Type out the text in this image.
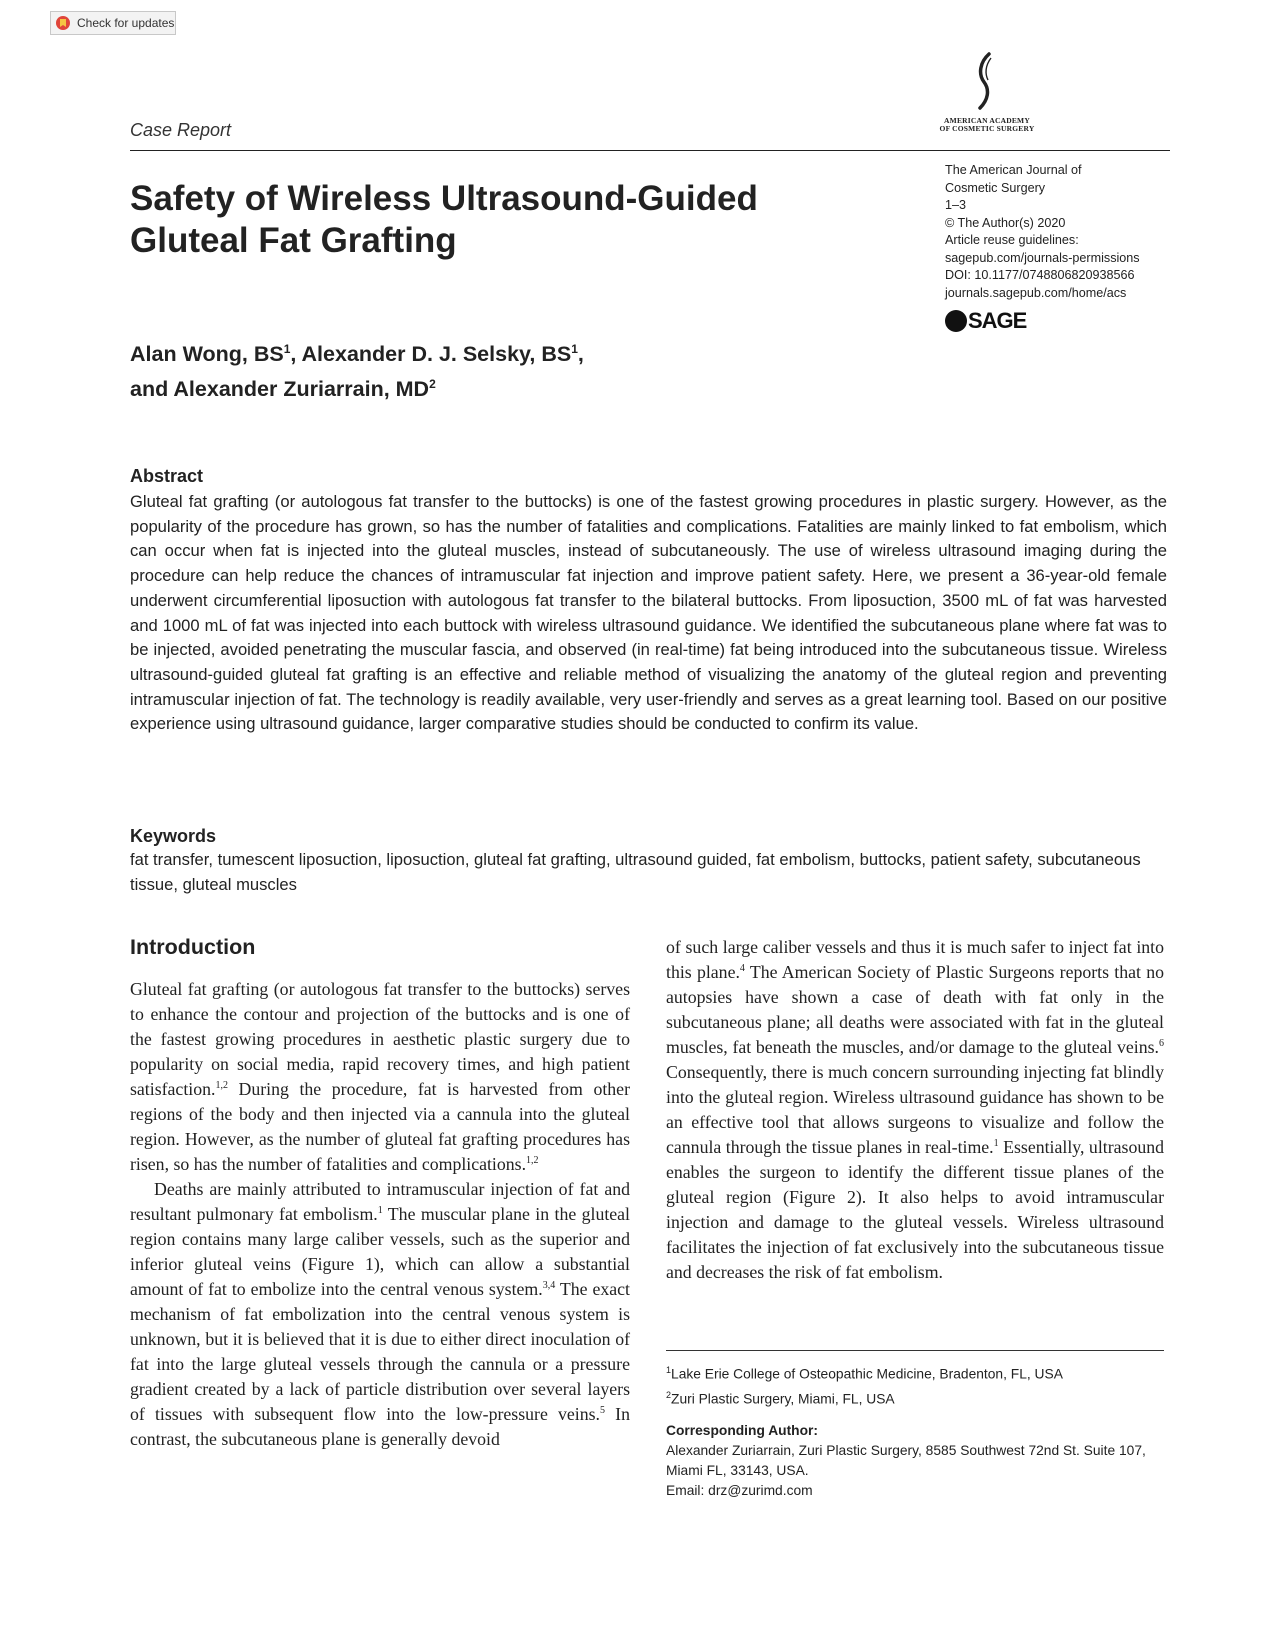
Check for updates
Case Report	AMERICAN ACADEMY
OF COSMETIC SURGERY
Safety of Wireless Ultrasound-Guided
Gluteal Fat Grafting
The American Journal of
Cosmetic Surgery
1–3
© The Author(s) 2020
Article reuse guidelines:
sagepub.com/journals-permissions
DOI: 10.1177/0748806820938566
journals.sagepub.com/home/acs
SAGE
Alan Wong, $BS^1$, Alexander D. J. Selsky, $BS^1$,
and Alexander Zuriarrain, $MD^2$
Abstract
Gluteal fat grafting (or autologous fat transfer to the buttocks) is one of the fastest growing procedures in plastic surgery. However, as the popularity of the procedure has grown, so has the number of fatalities and complications. Fatalities are mainly linked to fat embolism, which can occur when fat is injected into the gluteal muscles, instead of subcutaneously. The use of wireless ultrasound imaging during the procedure can help reduce the chances of intramuscular fat injection and improve patient safety. Here, we present a 36-year-old female underwent circumferential liposuction with autologous fat transfer to the bilateral buttocks. From liposuction, 3500 mL of fat was harvested and 1000 mL of fat was injected into each buttock with wireless ultrasound guidance. We identified the subcutaneous plane where fat was to be injected, avoided penetrating the muscular fascia, and observed (in real-time) fat being introduced into the subcutaneous tissue. Wireless ultrasound-guided gluteal fat grafting is an effective and reliable method of visualizing the anatomy of the gluteal region and preventing intramuscular injection of fat. The technology is readily available, very user-friendly and serves as a great learning tool. Based on our positive experience using ultrasound guidance, larger comparative studies should be conducted to confirm its value.
Keywords
fat transfer, tumescent liposuction, liposuction, gluteal fat grafting, ultrasound guided, fat embolism, buttocks, patient safety, subcutaneous tissue, gluteal muscles
Introduction

Gluteal fat grafting (or autologous fat transfer to the buttocks) serves to enhance the contour and projection of the buttocks and is one of the fastest growing procedures in aesthetic plastic surgery due to popularity on social media, rapid recovery times, and high patient satisfaction.$^{1,2}$ During the procedure, fat is harvested from other regions of the body and then injected via a cannula into the gluteal region. However, as the number of gluteal fat grafting procedures has risen, so has the number of fatalities and complications.$^{1,2}$

Deaths are mainly attributed to intramuscular injection of fat and resultant pulmonary fat embolism.$^1$ The muscular plane in the gluteal region contains many large caliber vessels, such as the superior and inferior gluteal veins (Figure 1), which can allow a substantial amount of fat to embolize into the central venous system.$^{3,4}$ The exact mechanism of fat embolization into the central venous system is unknown, but it is believed that it is due to either direct inoculation of fat into the large gluteal vessels through the cannula or a pressure gradient created by a lack of particle distribution over several layers of tissues with subsequent flow into the low-pressure veins.$^5$ In contrast, the subcutaneous plane is generally devoid

of such large caliber vessels and thus it is much safer to inject fat into this plane.$^4$ The American Society of Plastic Surgeons reports that no autopsies have shown a case of death with fat only in the subcutaneous plane; all deaths were associated with fat in the gluteal muscles, fat beneath the muscles, and/or damage to the gluteal veins.$^6$ Consequently, there is much concern surrounding injecting fat blindly into the gluteal region. Wireless ultrasound guidance has shown to be an effective tool that allows surgeons to visualize and follow the cannula through the tissue planes in real-time.$^1$ Essentially, ultrasound enables the surgeon to identify the different tissue planes of the gluteal region (Figure 2). It also helps to avoid intramuscular injection and damage to the gluteal vessels. Wireless ultrasound facilitates the injection of fat exclusively into the subcutaneous tissue and decreases the risk of fat embolism.

$^1$Lake Erie College of Osteopathic Medicine, Bradenton, FL, USA
$^2$Zuri Plastic Surgery, Miami, FL, USA
Corresponding Author:
Alexander Zuriarrain, Zuri Plastic Surgery, 8585 Southwest 72nd St. Suite 107, Miami FL, 33143, USA.
Email: drz@zurimd.com
